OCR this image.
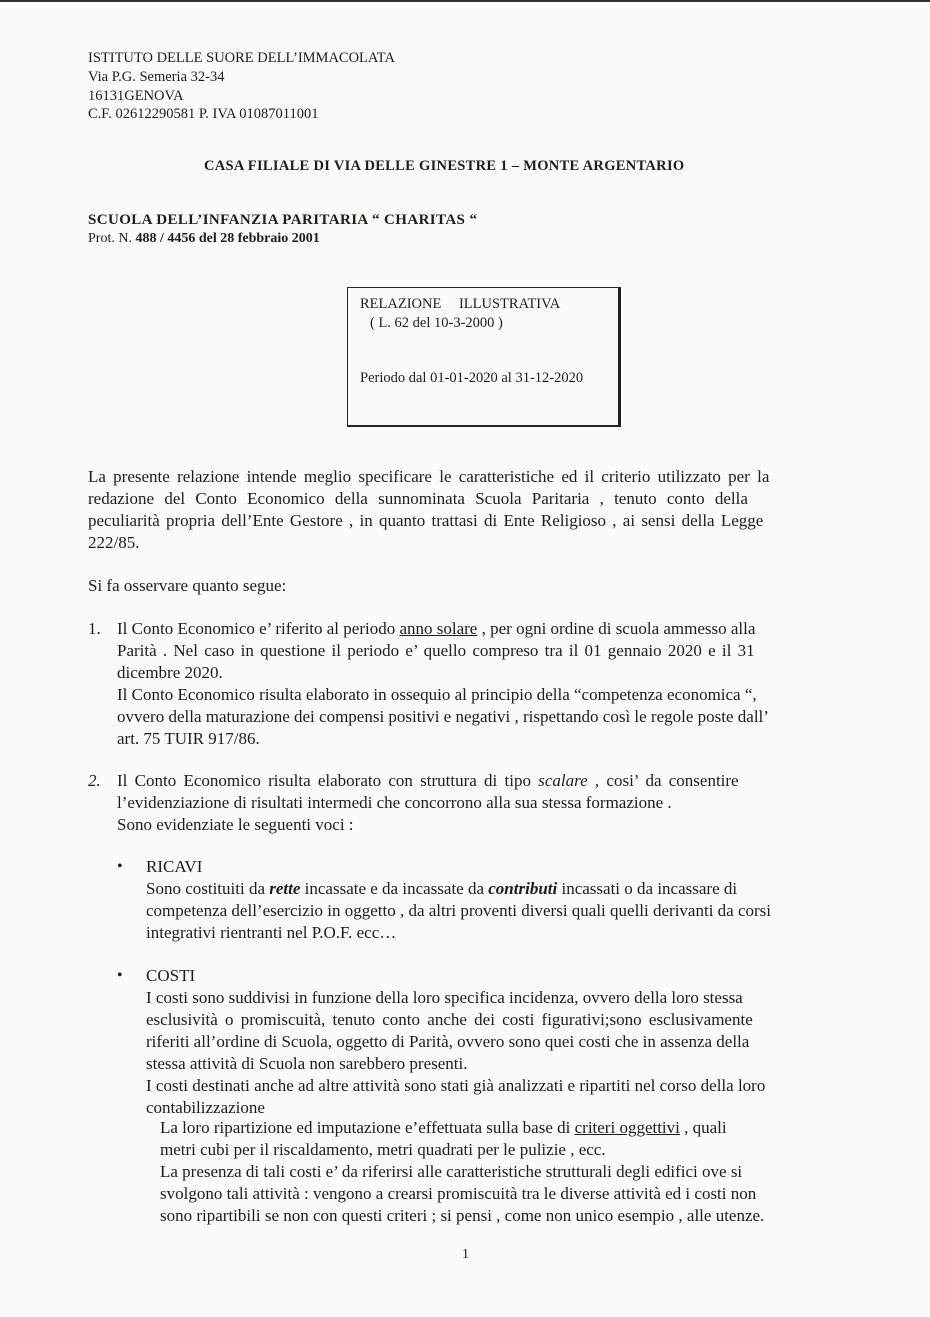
ISTITUTO DELLE SUORE DELL’IMMACOLATA
Via P.G. Semeria 32-34
16131GENOVA
C.F. 02612290581 P. IVA 01087011001
CASA FILIALE DI VIA DELLE GINESTRE 1 – MONTE ARGENTARIO
SCUOLA DELL’INFANZIA PARITARIA “ CHARITAS “
Prot. N. 488 / 4456 del 28 febbraio 2001
RELAZIONE ILLUSTRATIVA
( L. 62 del 10-3-2000 )
Periodo dal 01-01-2020 al 31-12-2020
La presente relazione intende meglio specificare le caratteristiche ed il criterio utilizzato per la
redazione del Conto Economico della sunnominata Scuola Paritaria , tenuto conto della
peculiarità propria dell’Ente Gestore , in quanto trattasi di Ente Religioso , ai sensi della Legge
222/85.
Si fa osservare quanto segue:
1. Il Conto Economico e’ riferito al periodo anno solare , per ogni ordine di scuola ammesso alla
Parità . Nel caso in questione il periodo e’ quello compreso tra il 01 gennaio 2020 e il 31
dicembre 2020.
Il Conto Economico risulta elaborato in ossequio al principio della “competenza economica “,
ovvero della maturazione dei compensi positivi e negativi , rispettando così le regole poste dall’
art. 75 TUIR 917/86.
2. Il Conto Economico risulta elaborato con struttura di tipo scalare , cosi’ da consentire
l’evidenziazione di risultati intermedi che concorrono alla sua stessa formazione .
Sono evidenziate le seguenti voci :
• RICAVI
Sono costituiti da rette incassate e da incassate da contributi incassati o da incassare di
competenza dell’esercizio in oggetto , da altri proventi diversi quali quelli derivanti da corsi
integrativi rientranti nel P.O.F. ecc…
• COSTI
I costi sono suddivisi in funzione della loro specifica incidenza, ovvero della loro stessa
esclusività o promiscuità, tenuto conto anche dei costi figurativi;sono esclusivamente
riferiti all’ordine di Scuola, oggetto di Parità, ovvero sono quei costi che in assenza della
stessa attività di Scuola non sarebbero presenti.
I costi destinati anche ad altre attività sono stati già analizzati e ripartiti nel corso della loro
contabilizzazione
La loro ripartizione ed imputazione e’effettuata sulla base di criteri oggettivi , quali
metri cubi per il riscaldamento, metri quadrati per le pulizie , ecc.
La presenza di tali costi e’ da riferirsi alle caratteristiche strutturali degli edifici ove si
svolgono tali attività : vengono a crearsi promiscuità tra le diverse attività ed i costi non
sono ripartibili se non con questi criteri ; si pensi , come non unico esempio , alle utenze.
1
